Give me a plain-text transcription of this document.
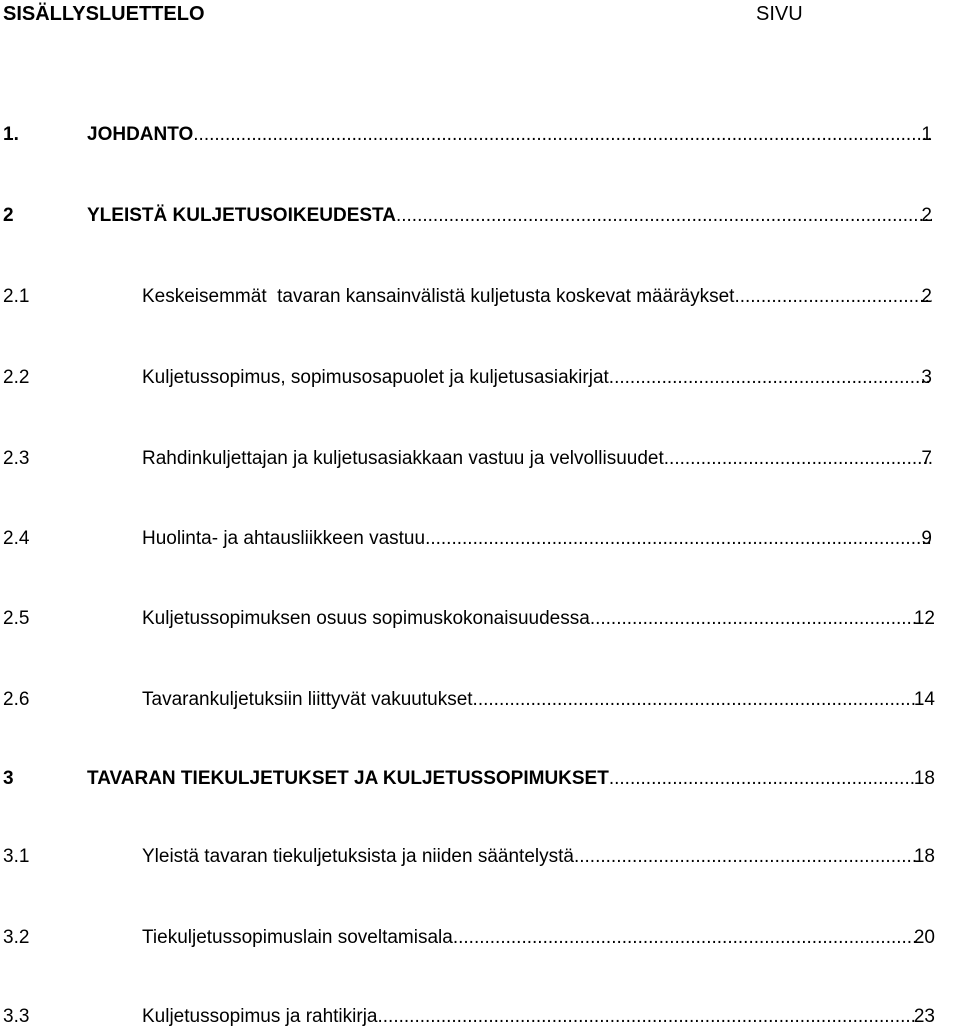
SISÄLLYSLUETTELO	SIVU
1.	JOHDANTO .....	1
2	YLEISTÄ KULJETUSOIKEUDESTA .....	2
2.1	Keskeisemmät  tavaran kansainvälistä kuljetusta koskevat määräykset .....	2
2.2	Kuljetussopimus, sopimusosapuolet ja kuljetusasiakirjat .....	3
2.3	Rahdinkuljettajan ja kuljetusasiakkaan vastuu ja velvollisuudet .....	7
2.4	Huolinta- ja ahtausliikkeen vastuu .....	9
2.5	Kuljetussopimuksen osuus sopimuskokonaisuudessa .....	12
2.6	Tavarankuljetuksiin liittyvät vakuutukset .....	14
3	TAVARAN TIEKULJETUKSET JA KULJETUSSOPIMUKSET .....	18
3.1	Yleistä tavaran tiekuljetuksista ja niiden sääntelystä .....	18
3.2	Tiekuljetussopimuslain soveltamisala .....	20
3.3	Kuljetussopimus ja rahtikirja .....	23
